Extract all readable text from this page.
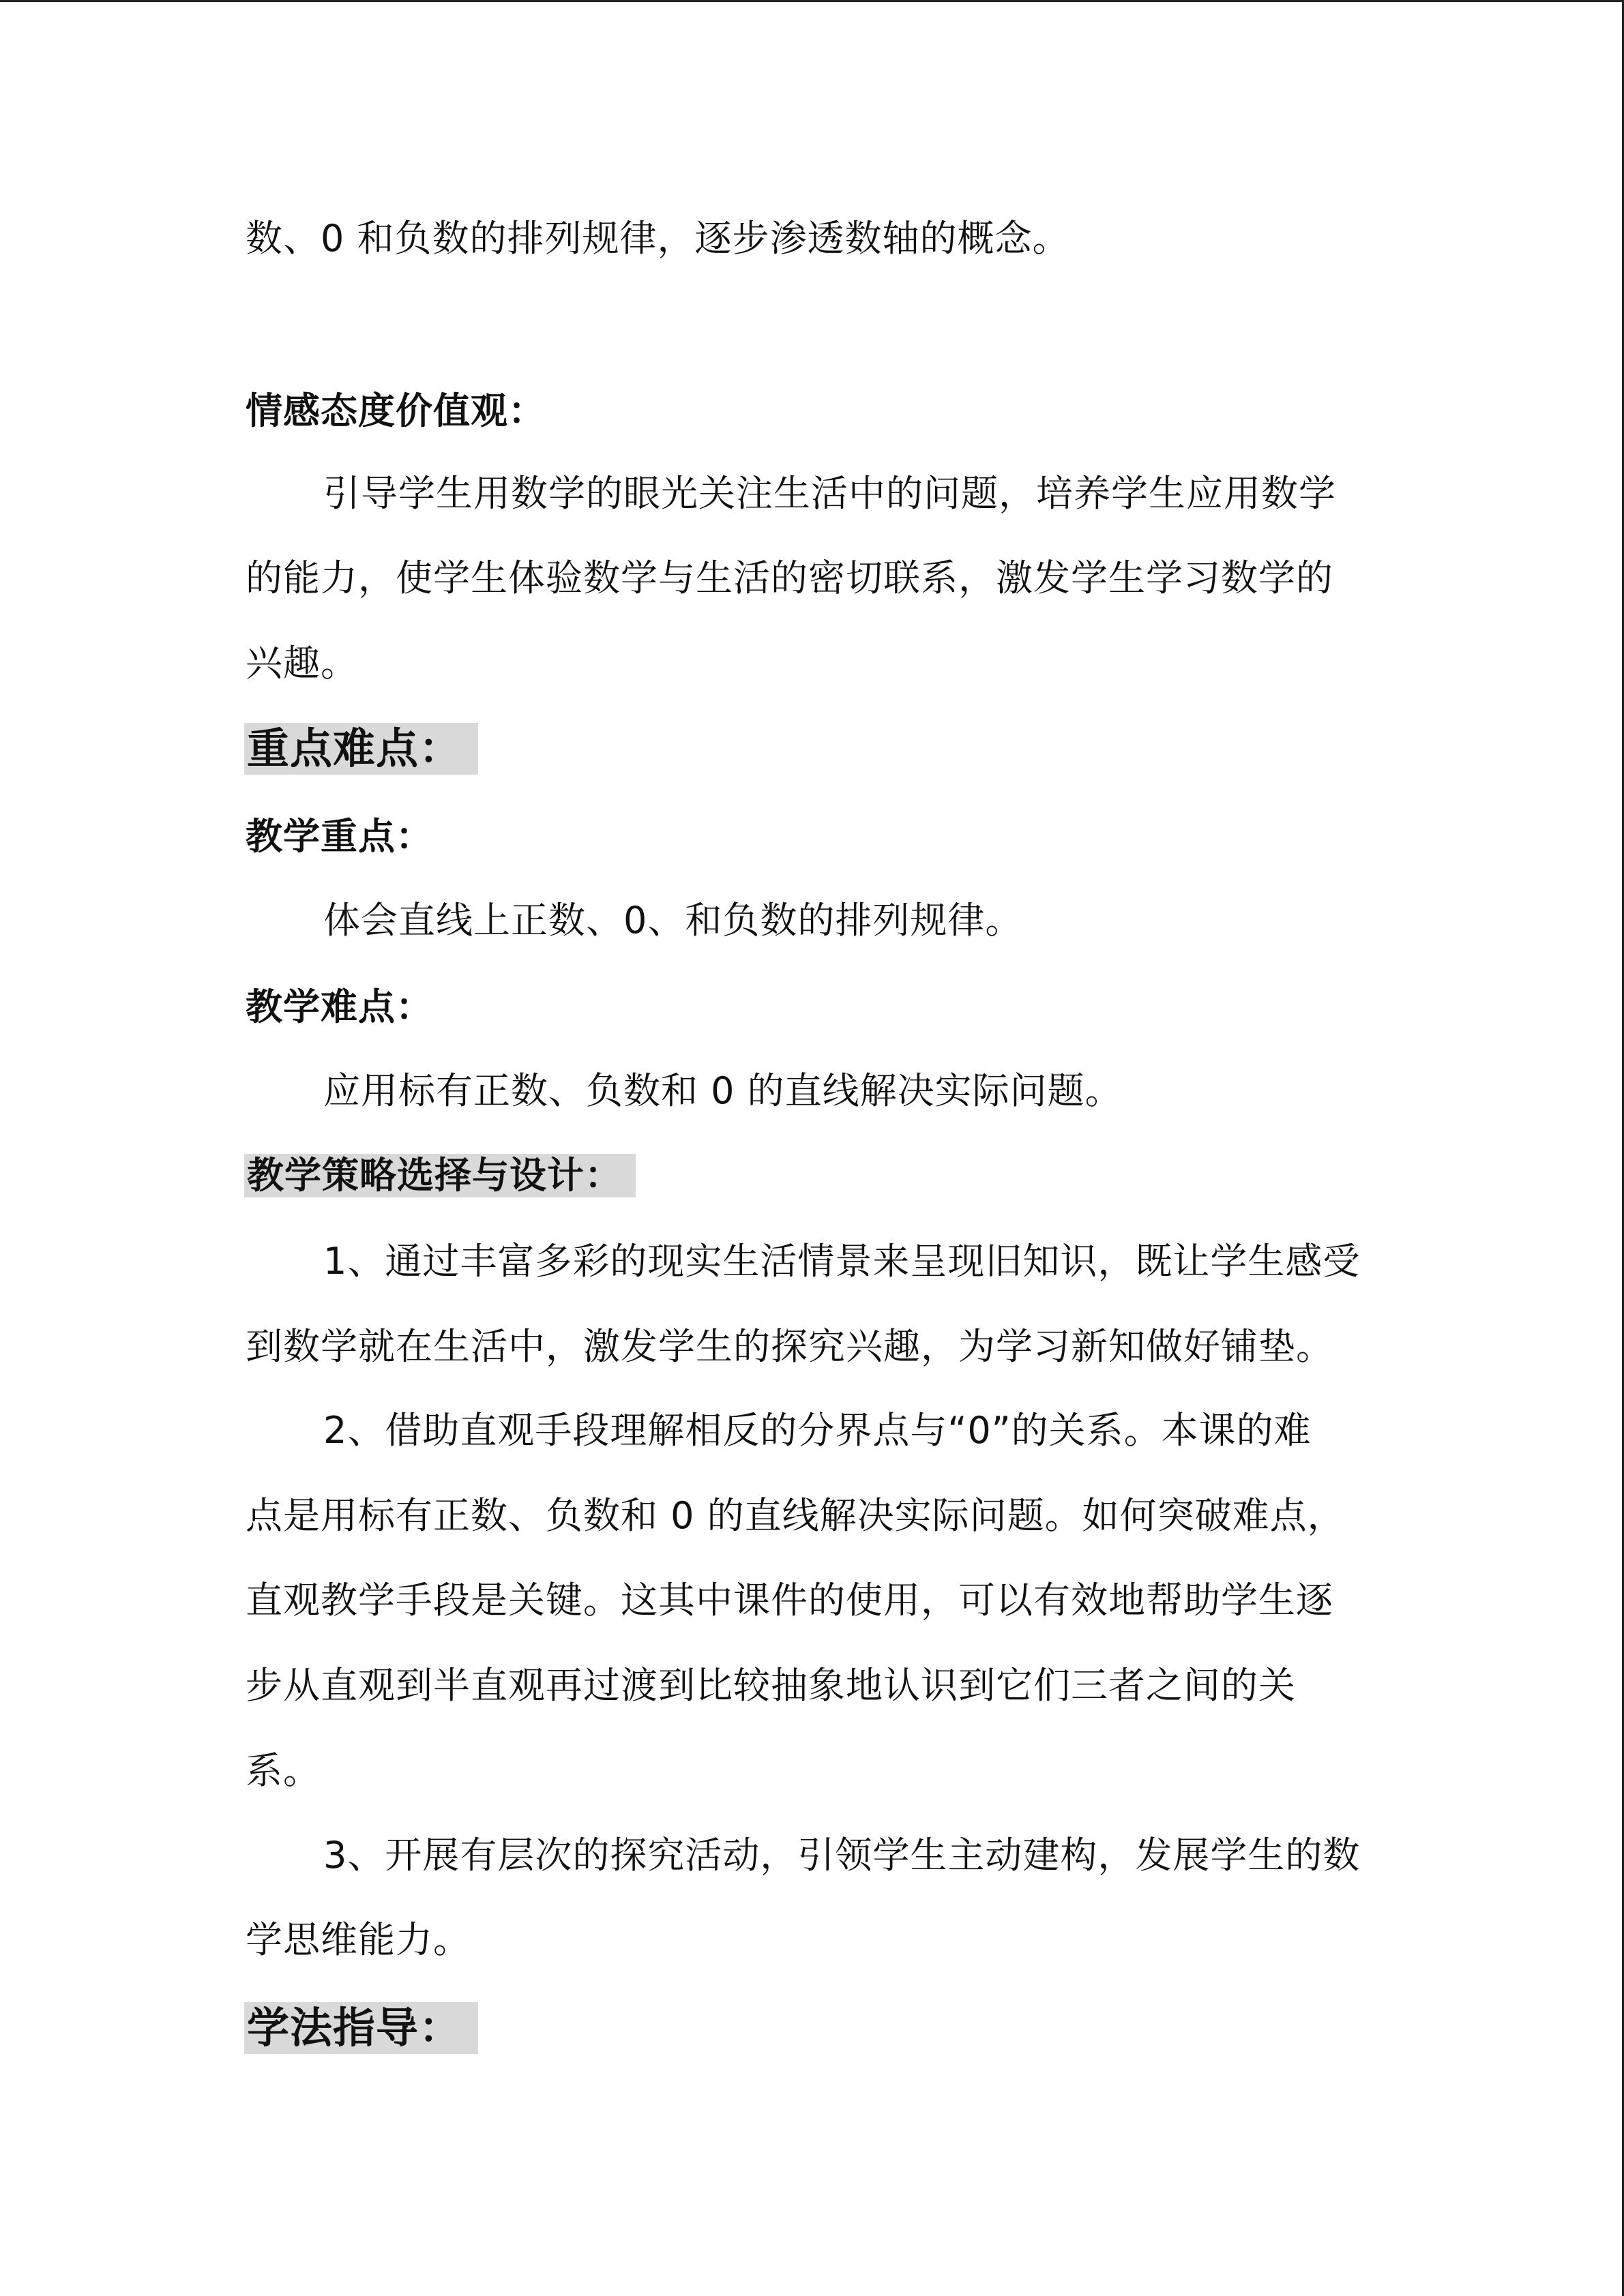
数、0 和负数的排列规律，逐步渗透数轴的概念。
情感态度价值观：
引导学生用数学的眼光关注生活中的问题，培养学生应用数学
的能力，使学生体验数学与生活的密切联系，激发学生学习数学的
兴趣。
重点难点：
教学重点：
体会直线上正数、0、和负数的排列规律。
教学难点：
应用标有正数、负数和 0 的直线解决实际问题。
教学策略选择与设计：
1、通过丰富多彩的现实生活情景来呈现旧知识，既让学生感受
到数学就在生活中，激发学生的探究兴趣，为学习新知做好铺垫。
2、借助直观手段理解相反的分界点与“0”的关系。本课的难
点是用标有正数、负数和 0 的直线解决实际问题。如何突破难点，
直观教学手段是关键。这其中课件的使用，可以有效地帮助学生逐
步从直观到半直观再过渡到比较抽象地认识到它们三者之间的关
系。
3、开展有层次的探究活动，引领学生主动建构，发展学生的数
学思维能力。
学法指导：
